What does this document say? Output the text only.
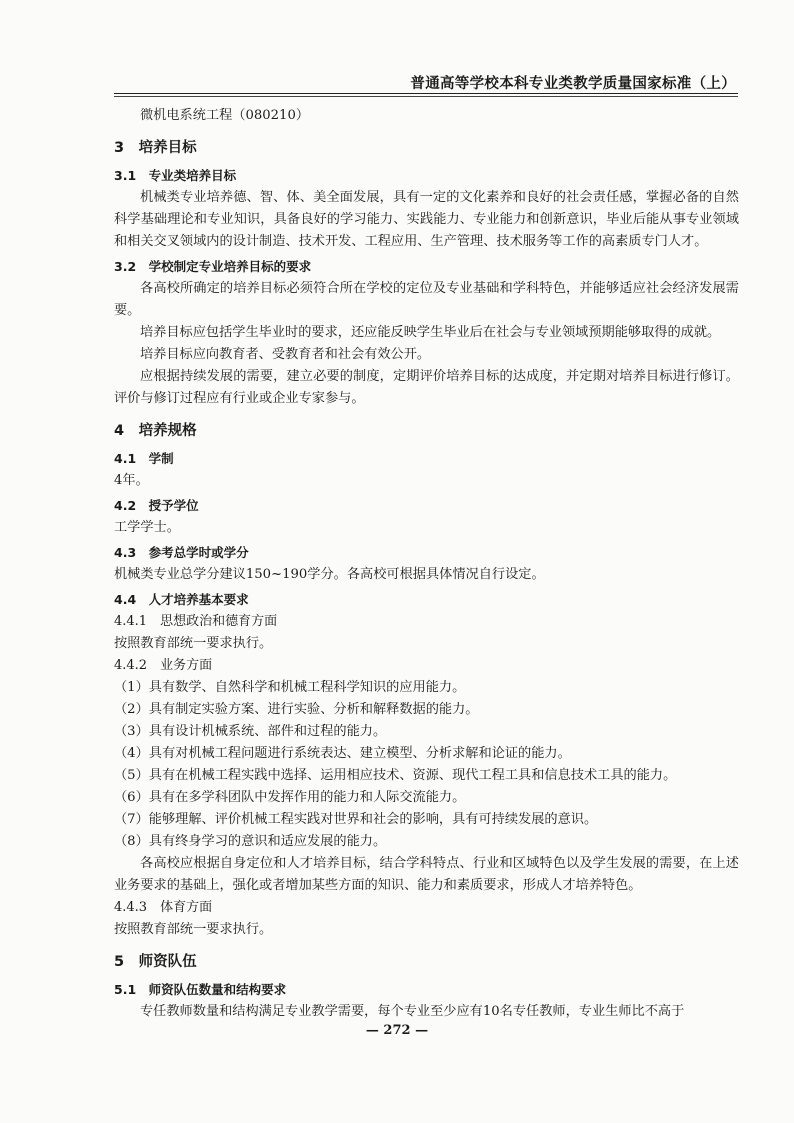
普通高等学校本科专业类教学质量国家标准（上）

微机电系统工程（080210）

3　培养目标
3.1　专业类培养目标

机械类专业培养德、智、体、美全面发展，具有一定的文化素养和良好的社会责任感，掌握必备的自然科学基础理论和专业知识，具备良好的学习能力、实践能力、专业能力和创新意识，毕业后能从事专业领域和相关交叉领域内的设计制造、技术开发、工程应用、生产管理、技术服务等工作的高素质专门人才。

3.2　学校制定专业培养目标的要求

各高校所确定的培养目标必须符合所在学校的定位及专业基础和学科特色，并能够适应社会经济发展需要。

培养目标应包括学生毕业时的要求，还应能反映学生毕业后在社会与专业领域预期能够取得的成就。

培养目标应向教育者、受教育者和社会有效公开。

应根据持续发展的需要，建立必要的制度，定期评价培养目标的达成度，并定期对培养目标进行修订。评价与修订过程应有行业或企业专家参与。

4　培养规格
4.1　学制

4年。

4.2　授予学位

工学学士。

4.3　参考总学时或学分

机械类专业总学分建议150~190学分。各高校可根据具体情况自行设定。

4.4　人才培养基本要求

4.4.1　思想政治和德育方面

按照教育部统一要求执行。

4.4.2　业务方面

（1）具有数学、自然科学和机械工程科学知识的应用能力。

（2）具有制定实验方案、进行实验、分析和解释数据的能力。

（3）具有设计机械系统、部件和过程的能力。

（4）具有对机械工程问题进行系统表达、建立模型、分析求解和论证的能力。

（5）具有在机械工程实践中选择、运用相应技术、资源、现代工程工具和信息技术工具的能力。

（6）具有在多学科团队中发挥作用的能力和人际交流能力。

（7）能够理解、评价机械工程实践对世界和社会的影响，具有可持续发展的意识。

（8）具有终身学习的意识和适应发展的能力。

各高校应根据自身定位和人才培养目标，结合学科特点、行业和区域特色以及学生发展的需要，在上述业务要求的基础上，强化或者增加某些方面的知识、能力和素质要求，形成人才培养特色。

4.4.3　体育方面

按照教育部统一要求执行。

5　师资队伍
5.1　师资队伍数量和结构要求

专任教师数量和结构满足专业教学需要，每个专业至少应有10名专任教师，专业生师比不高于

— 272 —
